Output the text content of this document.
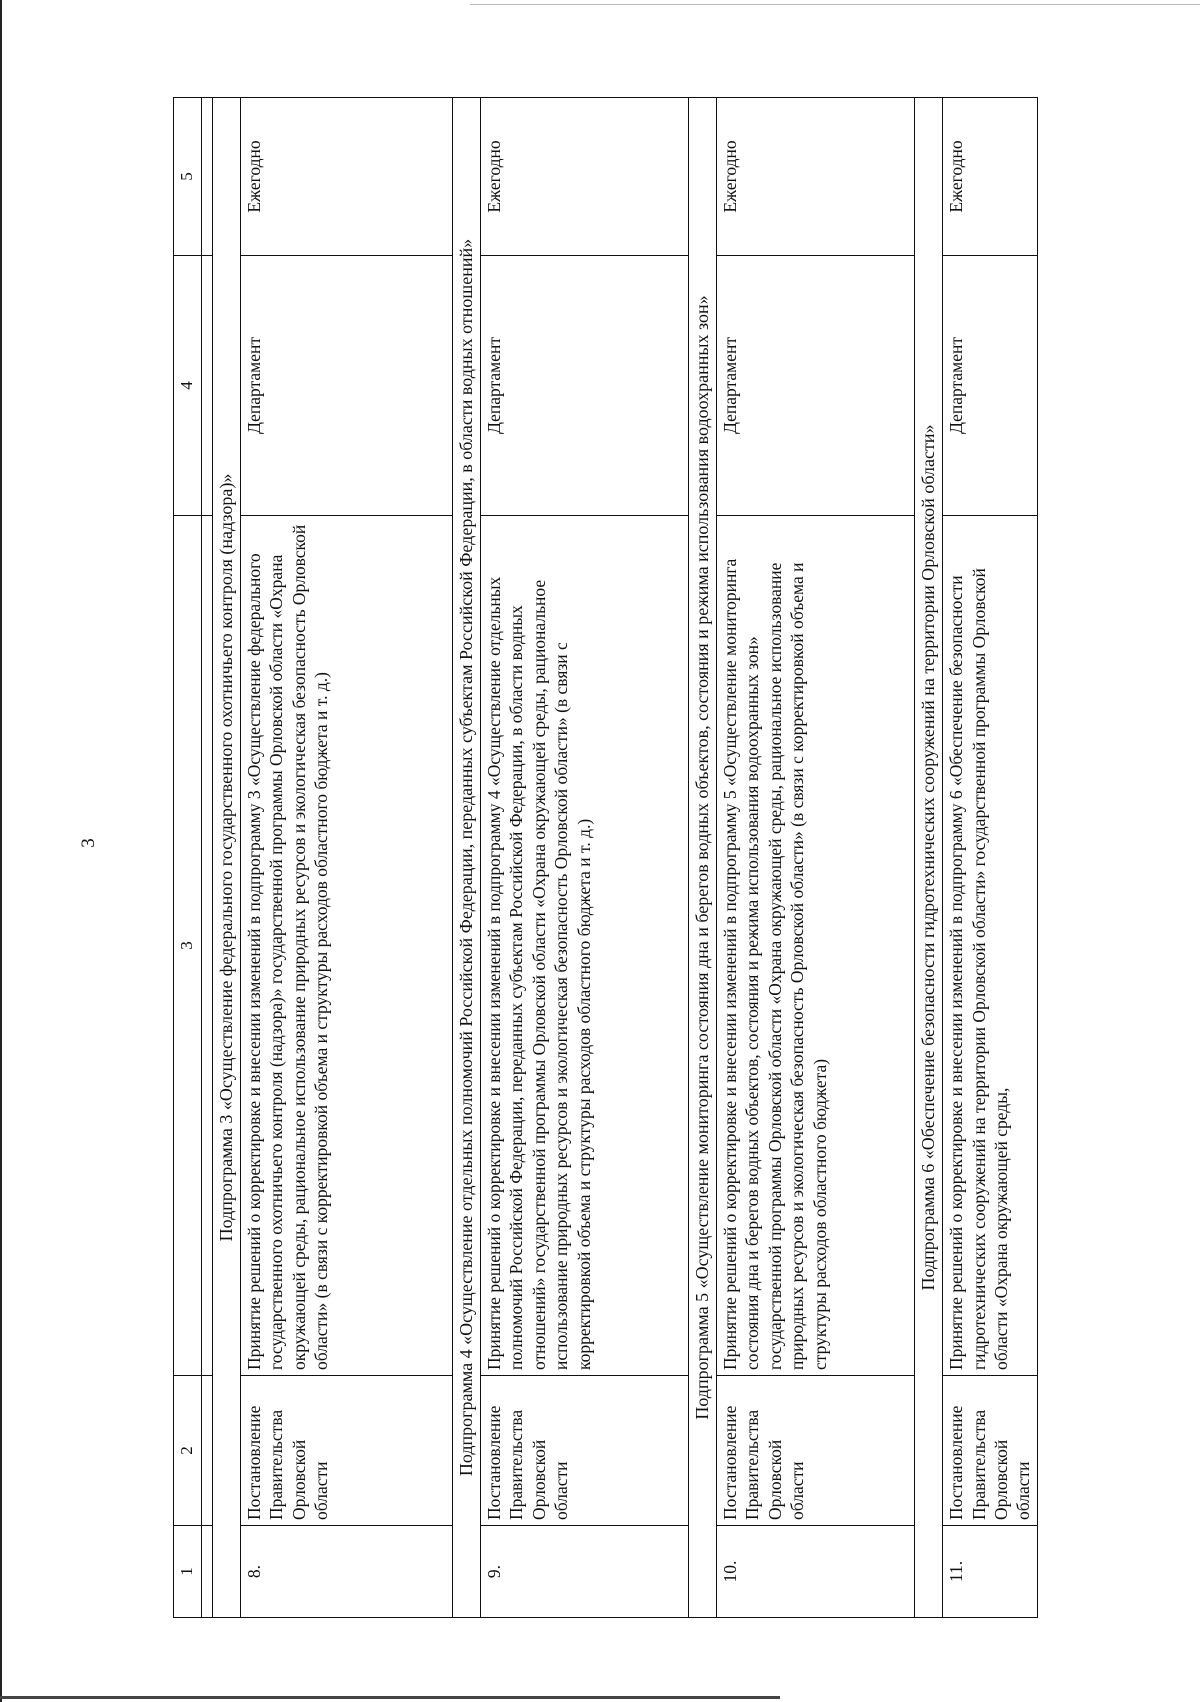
3
1	2	3	4	5

Подпрограмма 3 «Осуществление федерального государственного охотничьего контроля (надзора)»				
8.	Постановление Правительства Орловской области	Принятие решений о корректировке и внесении изменений в подпрограмму 3 «Осуществление федерального государственного охотничьего контроля (надзора)» государственной программы Орловской области «Охрана окружающей среды, рациональное использование природных ресурсов и экологическая безопасность Орловской области» (в связи с корректировкой объема и структуры расходов областного бюджета и т. д.)	Департамент	Ежегодно
Подпрограмма 4 «Осуществление отдельных полномочий Российской Федерации, переданных субъектам Российской Федерации, в области водных отношений»				
9.	Постановление Правительства Орловской области	Принятие решений о корректировке и внесении изменений в подпрограмму 4 «Осуществление отдельных полномочий Российской Федерации, переданных субъектам Российской Федерации, в области водных отношений» государственной программы Орловской области «Охрана окружающей среды, рациональное использование природных ресурсов и экологическая безопасность Орловской области» (в связи с корректировкой объема и структуры расходов областного бюджета и т. д.)	Департамент	Ежегодно
Подпрограмма 5 «Осуществление мониторинга состояния дна и берегов водных объектов, состояния и режима использования водоохранных зон»				
10.	Постановление Правительства Орловской области	Принятие решений о корректировке и внесении изменений в подпрограмму 5 «Осуществление мониторинга состояния дна и берегов водных объектов, состояния и режима использования водоохранных зон» государственной программы Орловской области «Охрана окружающей среды, рациональное использование природных ресурсов и экологическая безопасность Орловской области» (в связи с корректировкой объема и структуры расходов областного бюджета)	Департамент	Ежегодно
Подпрограмма 6 «Обеспечение безопасности гидротехнических сооружений на территории Орловской области»				
11.	Постановление Правительства Орловской области	Принятие решений о корректировке и внесении изменений в подпрограмму 6 «Обеспечение безопасности гидротехнических сооружений на территории Орловской области» государственной программы Орловской области «Охрана окружающей среды,	Департамент	Ежегодно
